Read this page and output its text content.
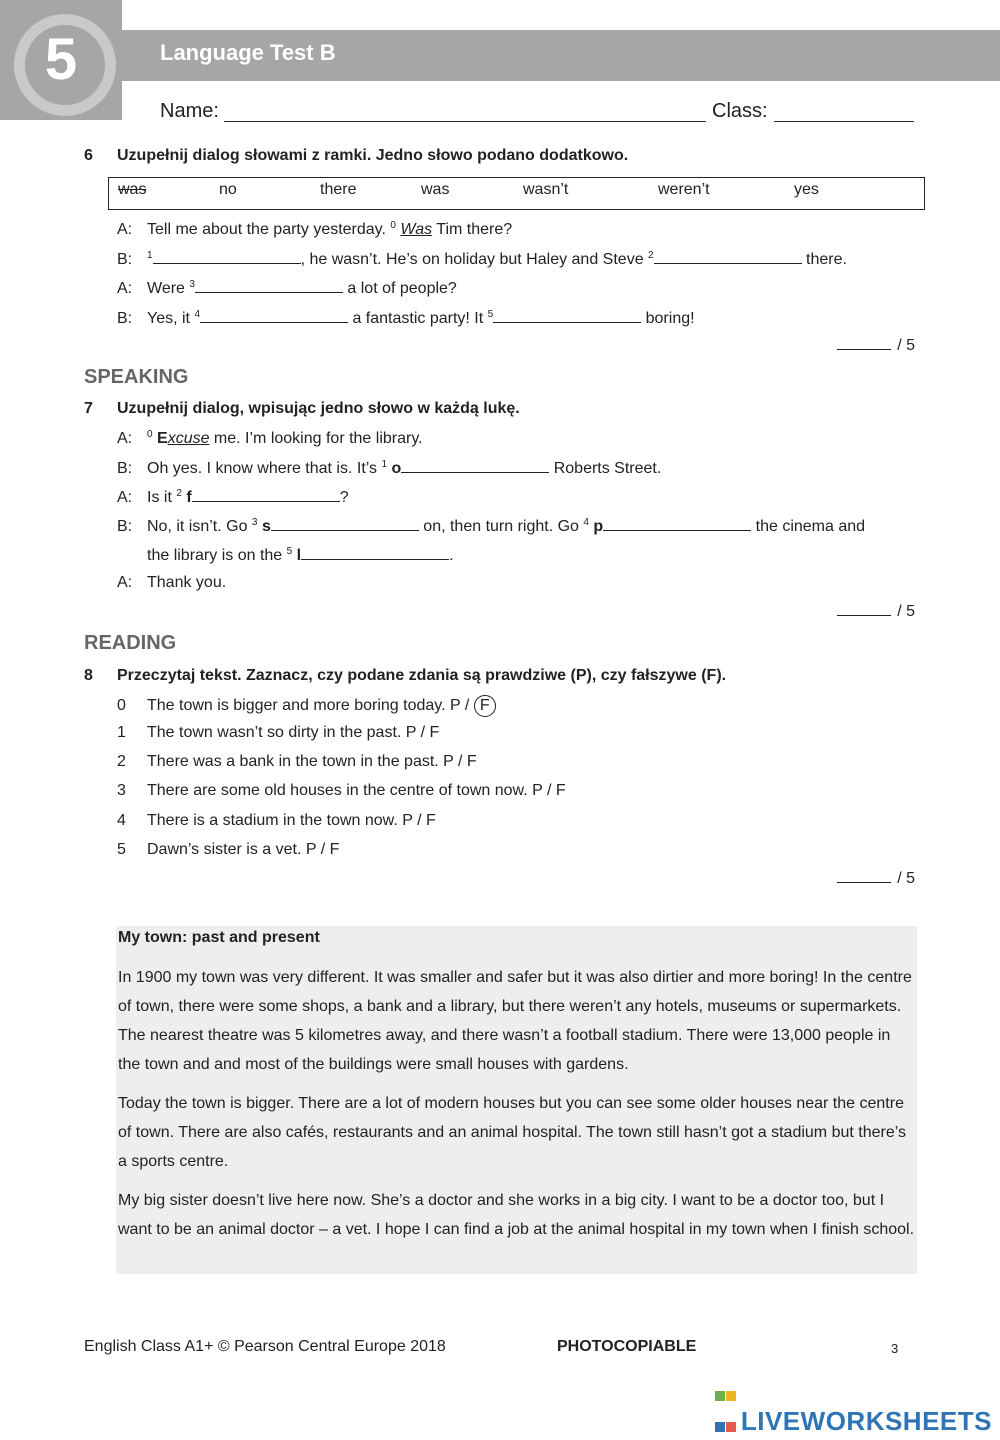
5	Language Test B
Name:	Class:
6 Uzupełnij dialog słowami z ramki. Jedno słowo podano dodatkowo.
was	no	there	was	wasn’t	weren’t	yes
A: Tell me about the party yesterday. $^0$ Was Tim there?
B: $^1$	, he wasn’t. He’s on holiday but Haley and Steve $^2$	there.
A: Were $^3$	a lot of people?
B: Yes, it $^4$	a fantastic party! It $^5$	boring!
/ 5
SPEAKING
7 Uzupełnij dialog, wpisując jedno słowo w każdą lukę.
A: $^0$ Excuse me. I’m looking for the library.
B: Oh yes. I know where that is. It’s $^1$ o	Roberts Street.
A: Is it $^2$ f	?
B: No, it isn’t. Go $^3$ s	on, then turn right. Go $^4$ p	the cinema and
the library is on the $^5$ l	.
A: Thank you.
/ 5
READING
8 Przeczytaj tekst. Zaznacz, czy podane zdania są prawdziwe (P), czy fałszywe (F).
0 The town is bigger and more boring today. P / F
1 The town wasn’t so dirty in the past. P / F
2 There was a bank in the town in the past. P / F
3 There are some old houses in the centre of town now. P / F
4 There is a stadium in the town now. P / F
5 Dawn’s sister is a vet. P / F
/ 5
My town: past and present

In 1900 my town was very different. It was smaller and safer but it was also dirtier and more boring! In the centre of town, there were some shops, a bank and a library, but there weren’t any hotels, museums or supermarkets. The nearest theatre was 5 kilometres away, and there wasn’t a football stadium. There were 13,000 people in the town and and most of the buildings were small houses with gardens.

Today the town is bigger. There are a lot of modern houses but you can see some older houses near the centre of town. There are also cafés, restaurants and an animal hospital. The town still hasn’t got a stadium but there’s a sports centre.

My big sister doesn’t live here now. She’s a doctor and she works in a big city. I want to be a doctor too, but I want to be an animal doctor – a vet. I hope I can find a job at the animal hospital in my town when I finish school.

English Class A1+ © Pearson Central Europe 2018	PHOTOCOPIABLE	3
LIVEWORKSHEETS
